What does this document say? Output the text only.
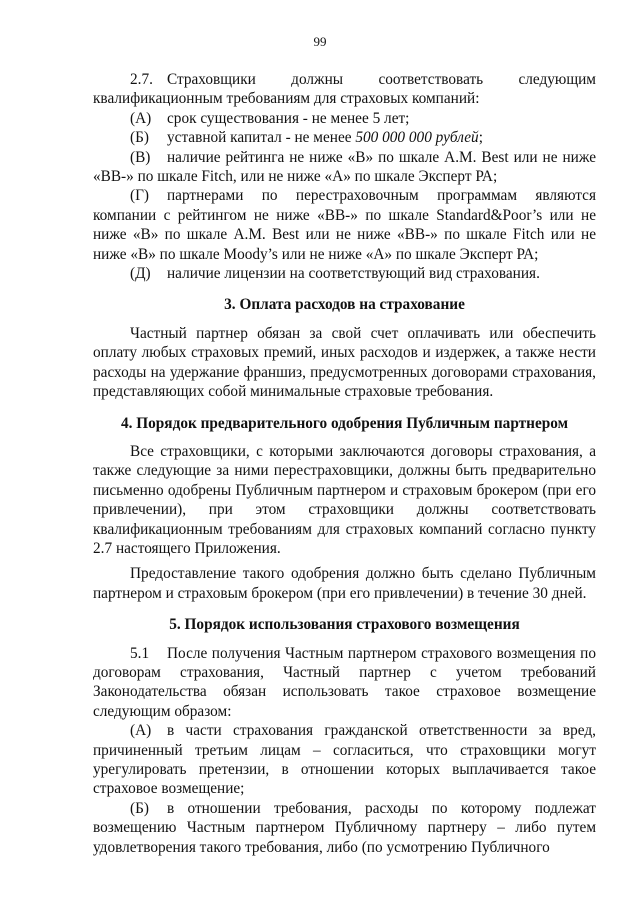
99

2.7. Страховщики должны соответствовать следующим квалификационным требованиям для страховых компаний:

(А) срок существования - не менее 5 лет;

(Б) уставной капитал - не менее 500 000 000 рублей;

(В) наличие рейтинга не ниже «B» по шкале A.M. Best или не ниже «BB-» по шкале Fitch, или не ниже «А» по шкале Эксперт РА;

(Г) партнерами по перестраховочным программам являются компании с рейтингом не ниже «BB-» по шкале Standard&Poor’s или не ниже «B» по шкале A.M. Best или не ниже «BB-» по шкале Fitch или не ниже «B» по шкале Moody’s или не ниже «А» по шкале Эксперт РА;

(Д) наличие лицензии на соответствующий вид страхования.

3. Оплата расходов на страхование

Частный партнер обязан за свой счет оплачивать или обеспечить оплату любых страховых премий, иных расходов и издержек, а также нести расходы на удержание франшиз, предусмотренных договорами страхования, представляющих собой минимальные страховые требования.

4. Порядок предварительного одобрения Публичным партнером

Все страховщики, с которыми заключаются договоры страхования, а также следующие за ними перестраховщики, должны быть предварительно письменно одобрены Публичным партнером и страховым брокером (при его привлечении), при этом страховщики должны соответствовать квалификационным требованиям для страховых компаний согласно пункту 2.7 настоящего Приложения.

Предоставление такого одобрения должно быть сделано Публичным партнером и страховым брокером (при его привлечении) в течение 30 дней.

5. Порядок использования страхового возмещения

5.1 После получения Частным партнером страхового возмещения по договорам страхования, Частный партнер с учетом требований Законодательства обязан использовать такое страховое возмещение следующим образом:

(А) в части страхования гражданской ответственности за вред, причиненный третьим лицам – согласиться, что страховщики могут урегулировать претензии, в отношении которых выплачивается такое страховое возмещение;

(Б) в отношении требования, расходы по которому подлежат возмещению Частным партнером Публичному партнеру – либо путем удовлетворения такого требования, либо (по усмотрению Публичного
